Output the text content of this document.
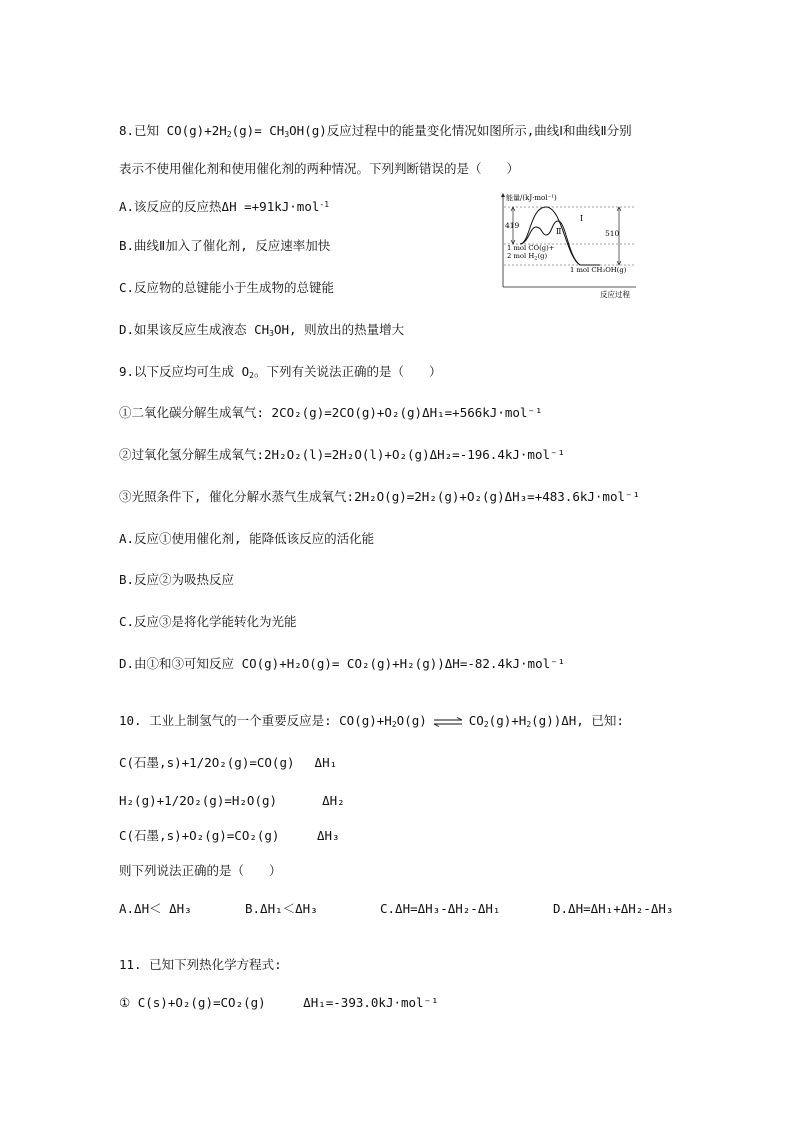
8.已知 $CO(g)+2H_2(g)= CH_3OH(g)$反应过程中的能量变化情况如图所示,曲线Ⅰ和曲线Ⅱ分别
表示不使用催化剂和使用催化剂的两种情况。下列判断错误的是（　　）
A.该反应的反应热ΔH =+91kJ·mol$^{-1}$
B.曲线Ⅱ加入了催化剂, 反应速率加快
C.反应物的总键能小于生成物的总键能
D.如果该反应生成液态 $CH_3OH$, 则放出的热量增大
能量/(kJ·mol⁻¹)
反应过程
419
510
Ⅰ
Ⅱ
1 mol CO(g)+
2 mol $H_2(g)$
1 mol CH₃OH(g)
9.以下反应均可生成 $O_2$。下列有关说法正确的是（　　）
①二氧化碳分解生成氧气: 2CO₂(g)=2CO(g)+O₂(g)ΔH₁=+566kJ·mol⁻¹
②过氧化氢分解生成氧气:2H₂O₂(l)=2H₂O(l)+O₂(g)ΔH₂=-196.4kJ·mol⁻¹
③光照条件下, 催化分解水蒸气生成氧气:2H₂O(g)=2H₂(g)+O₂(g)ΔH₃=+483.6kJ·mol⁻¹
A.反应①使用催化剂, 能降低该反应的活化能
B.反应②为吸热反应
C.反应③是将化学能转化为光能
D.由①和③可知反应 CO(g)+H₂O(g)= CO₂(g)+H₂(g))ΔH=-82.4kJ·mol⁻¹
10. 工业上制氢气的一个重要反应是: $CO(g)+H_2O(g)$ ⇌ $CO_2(g)+H_2(g))\Delta H$, 已知:
C(石墨,s)+1/2O₂(g)=CO(g)　 ΔH₁
H₂(g)+1/2O₂(g)=H₂O(g)　　　 ΔH₂
C(石墨,s)+O₂(g)=CO₂(g)　　　ΔH₃
则下列说法正确的是（　　）
A.ΔH＜ ΔH₃	B.ΔH₁＜ΔH₃	C.ΔH=ΔH₃-ΔH₂-ΔH₁	D.ΔH=ΔH₁+ΔH₂-ΔH₃
11. 已知下列热化学方程式:
① C(s)+O₂(g)=CO₂(g)　　　ΔH₁=-393.0kJ·mol⁻¹
